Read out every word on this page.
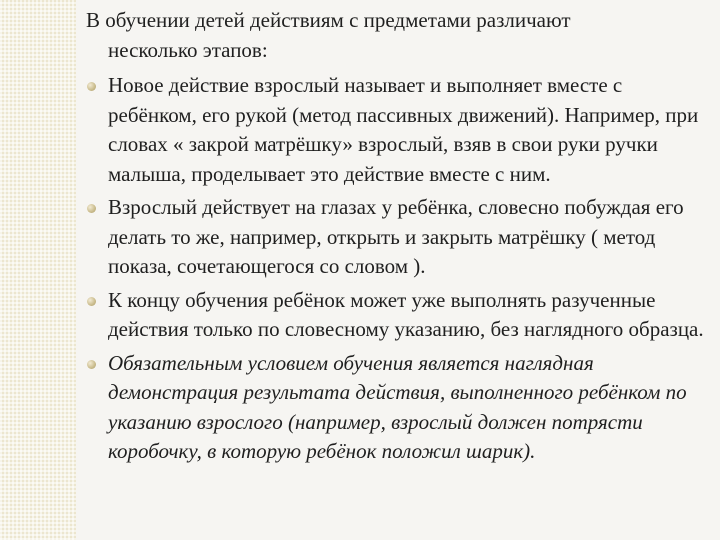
В обучении детей действиям с предметами различают
несколько этапов:

Новое действие взрослый называет и выполняет вместе с ребёнком, его рукой (метод пассивных движений). Например, при словах « закрой матрёшку» взрослый, взяв в свои руки ручки малыша, проделывает это действие вместе с ним.
Взрослый действует на глазах у ребёнка, словесно побуждая его делать то же, например, открыть и закрыть матрёшку ( метод показа, сочетающегося со словом ).
К концу обучения ребёнок может уже выполнять разученные действия только по словесному указанию, без наглядного образца.
Обязательным условием обучения является наглядная демонстрация результата действия, выполненного ребёнком по указанию взрослого (например, взрослый должен потрясти коробочку, в которую ребёнок положил шарик).
